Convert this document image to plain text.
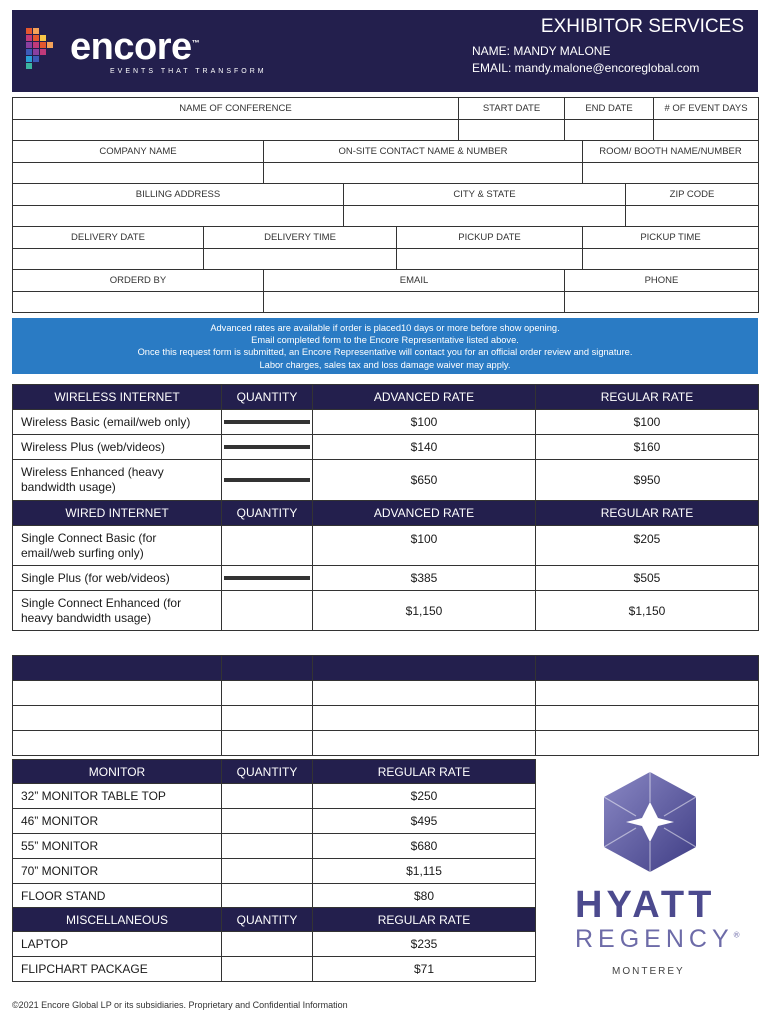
encore™
EVENTS THAT TRANSFORM
EXHIBITOR SERVICES
NAME: MANDY MALONE
EMAIL: mandy.malone@encoreglobal.com
NAME OF CONFERENCE	START DATE	END DATE	# OF EVENT DAYS

COMPANY NAME	ON-SITE CONTACT NAME & NUMBER	ROOM/ BOOTH NAME/NUMBER

BILLING ADDRESS	CITY & STATE	ZIP CODE

DELIVERY DATE	DELIVERY TIME	PICKUP DATE	PICKUP TIME

ORDERD BY	EMAIL	PHONE

Advanced rates are available if order is placed10 days or more before show opening.
Email completed form to the Encore Representative listed above.
Once this request form is submitted, an Encore Representative will contact you for an official order review and signature.
Labor charges, sales tax and loss damage waiver may apply.
WIRELESS INTERNET	QUANTITY	ADVANCED RATE	REGULAR RATE
Wireless Basic (email/web only)		$100	$100
Wireless Plus (web/videos)		$140	$160
Wireless Enhanced (heavy bandwidth usage)		$650	$950
WIRED INTERNET	QUANTITY	ADVANCED RATE	REGULAR RATE
Single Connect Basic (for email/web surfing only)		$100	$205
Single Plus (for web/videos)		$385	$505
Single Connect Enhanced (for heavy bandwidth usage)		$1,150	$1,150

MONITOR	QUANTITY	REGULAR RATE
32” MONITOR TABLE TOP		$250
46” MONITOR		$495
55” MONITOR		$680
70” MONITOR		$1,115
FLOOR STAND		$80
MISCELLANEOUS	QUANTITY	REGULAR RATE
LAPTOP		$235
FLIPCHART PACKAGE		$71
HYATT
REGENCY®
MONTEREY
©2021 Encore Global LP or its subsidiaries. Proprietary and Confidential Information
